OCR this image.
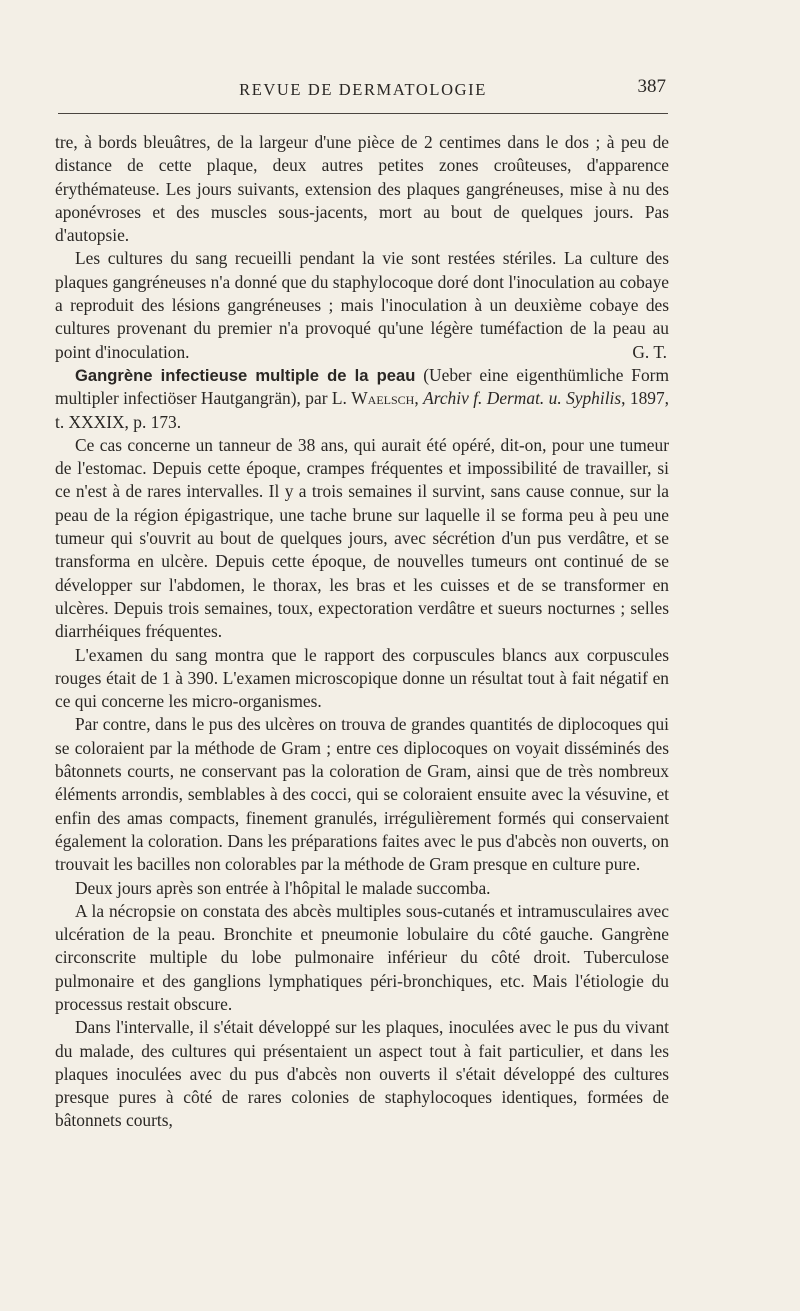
REVUE DE DERMATOLOGIE	387

tre, à bords bleuâtres, de la largeur d'une pièce de 2 centimes dans le dos ; à peu de distance de cette plaque, deux autres petites zones croûteuses, d'apparence érythémateuse. Les jours suivants, extension des plaques gangréneuses, mise à nu des aponévroses et des muscles sous-jacents, mort au bout de quelques jours. Pas d'autopsie.

Les cultures du sang recueilli pendant la vie sont restées stériles. La culture des plaques gangréneuses n'a donné que du staphylocoque doré dont l'inoculation au cobaye a reproduit des lésions gangréneuses ; mais l'inoculation à un deuxième cobaye des cultures provenant du premier n'a provoqué qu'une légère tuméfaction de la peau au point d'inoculation.	G. T.

Gangrène infectieuse multiple de la peau (Ueber eine eigenthümliche Form multipler infectiöser Hautgangrän), par L. Waelsch, Archiv f. Dermat. u. Syphilis, 1897, t. XXXIX, p. 173.

Ce cas concerne un tanneur de 38 ans, qui aurait été opéré, dit-on, pour une tumeur de l'estomac. Depuis cette époque, crampes fréquentes et impossibilité de travailler, si ce n'est à de rares intervalles. Il y a trois semaines il survint, sans cause connue, sur la peau de la région épigastrique, une tache brune sur laquelle il se forma peu à peu une tumeur qui s'ouvrit au bout de quelques jours, avec sécrétion d'un pus verdâtre, et se transforma en ulcère. Depuis cette époque, de nouvelles tumeurs ont continué de se développer sur l'abdomen, le thorax, les bras et les cuisses et de se transformer en ulcères. Depuis trois semaines, toux, expectoration verdâtre et sueurs nocturnes ; selles diarrhéiques fréquentes.

L'examen du sang montra que le rapport des corpuscules blancs aux corpuscules rouges était de 1 à 390. L'examen microscopique donne un résultat tout à fait négatif en ce qui concerne les micro-organismes.

Par contre, dans le pus des ulcères on trouva de grandes quantités de diplocoques qui se coloraient par la méthode de Gram ; entre ces diplocoques on voyait disséminés des bâtonnets courts, ne conservant pas la coloration de Gram, ainsi que de très nombreux éléments arrondis, semblables à des cocci, qui se coloraient ensuite avec la vésuvine, et enfin des amas compacts, finement granulés, irrégulièrement formés qui conservaient également la coloration. Dans les préparations faites avec le pus d'abcès non ouverts, on trouvait les bacilles non colorables par la méthode de Gram presque en culture pure.

Deux jours après son entrée à l'hôpital le malade succomba.

A la nécropsie on constata des abcès multiples sous-cutanés et intramusculaires avec ulcération de la peau. Bronchite et pneumonie lobulaire du côté gauche. Gangrène circonscrite multiple du lobe pulmonaire inférieur du côté droit. Tuberculose pulmonaire et des ganglions lymphatiques péri-bronchiques, etc. Mais l'étiologie du processus restait obscure.

Dans l'intervalle, il s'était développé sur les plaques, inoculées avec le pus du vivant du malade, des cultures qui présentaient un aspect tout à fait particulier, et dans les plaques inoculées avec du pus d'abcès non ouverts il s'était développé des cultures presque pures à côté de rares colonies de staphylocoques identiques, formées de bâtonnets courts,
